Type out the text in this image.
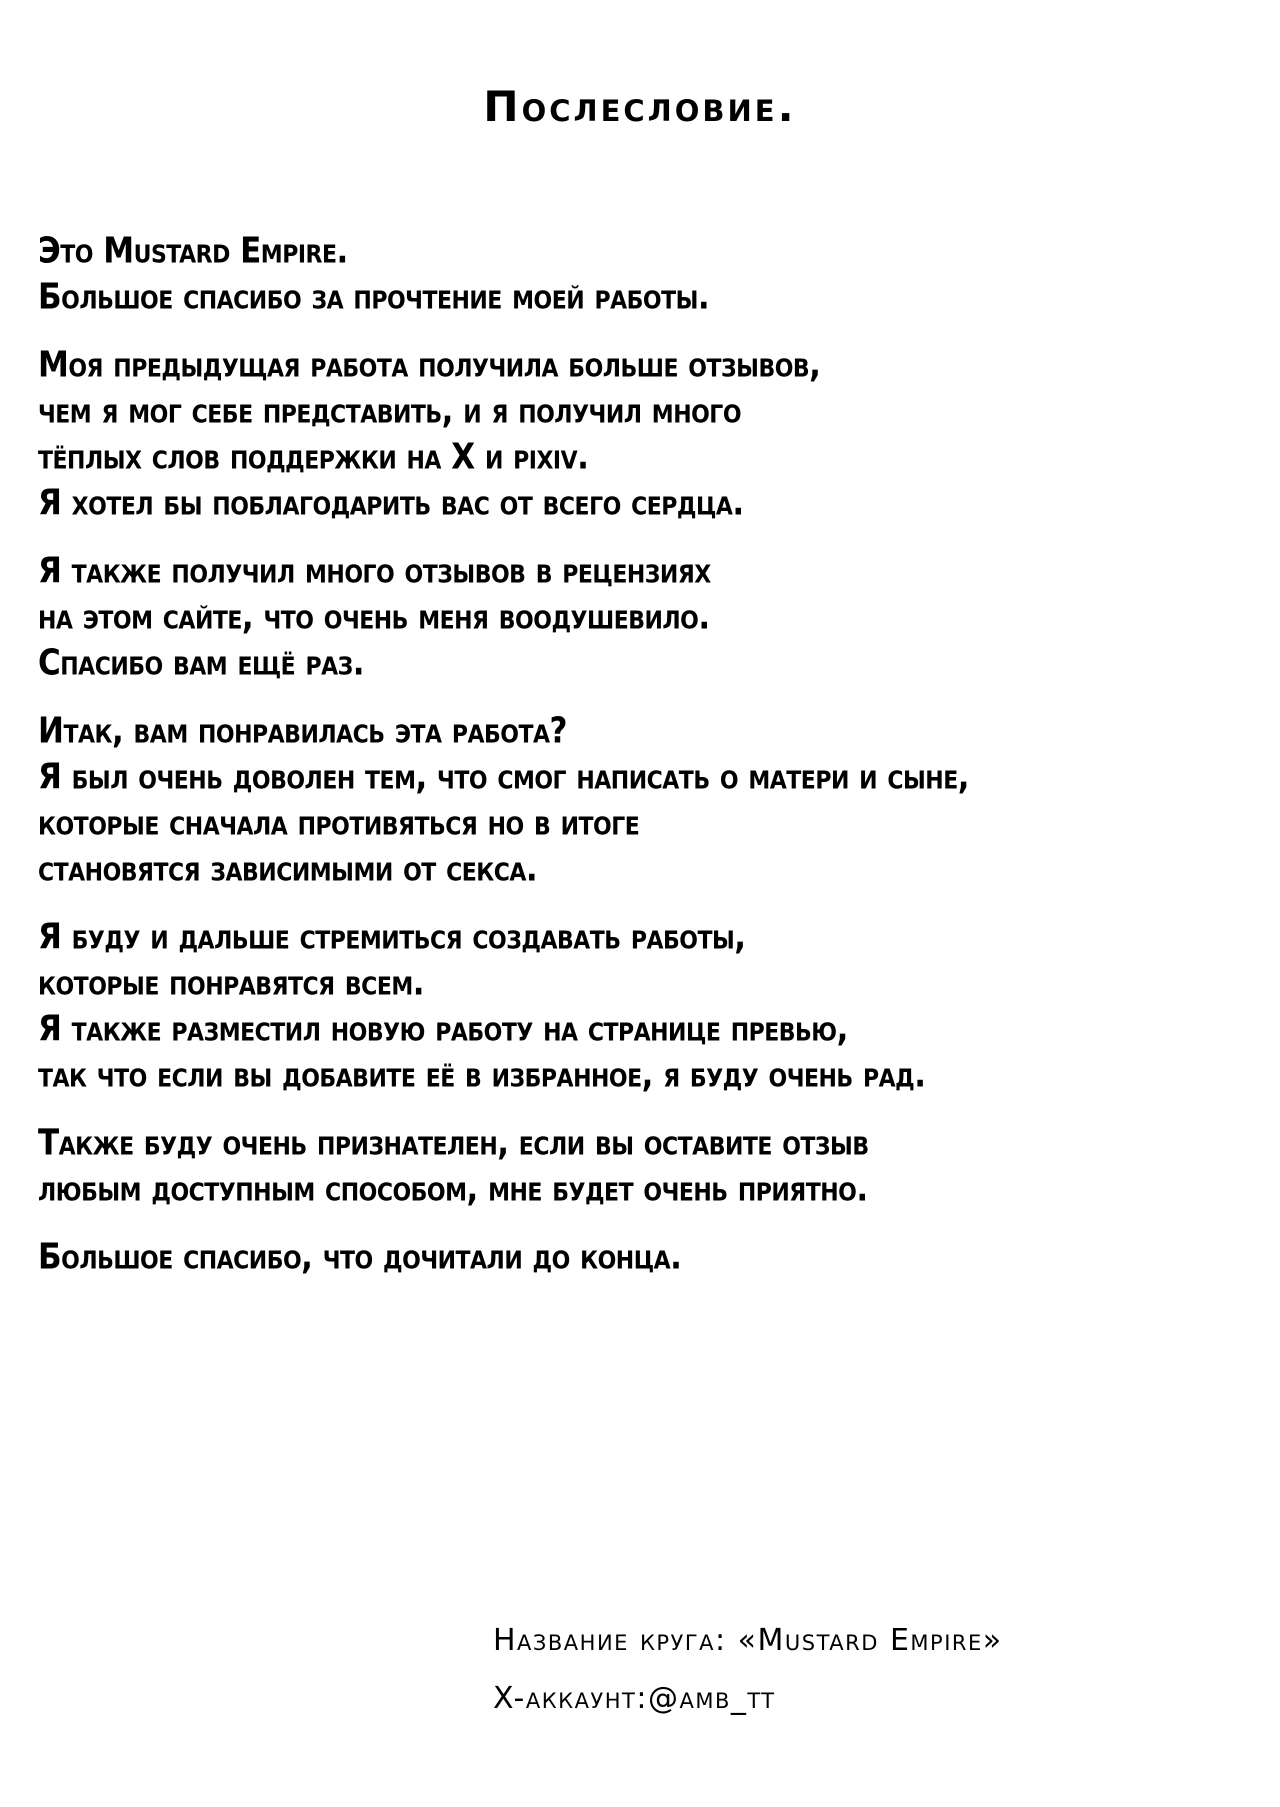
Послесловие.
Это Mustard Empire.
Большое спасибо за прочтение моей работы.
Моя предыдущая работа получила больше отзывов,
чем я мог себе представить, и я получил много
тёплых слов поддержки на X и pixiv.
Я хотел бы поблагодарить вас от всего сердца.
Я также получил много отзывов в рецензиях
на этом сайте, что очень меня воодушевило.
Спасибо вам ещё раз.
Итак, вам понравилась эта работа?
Я был очень доволен тем, что смог написать о матери и сыне,
которые сначала противяться но в итоге
становятся зависимыми от секса.
Я буду и дальше стремиться создавать работы,
которые понравятся всем.
Я также разместил новую работу на странице превью,
так что если вы добавите её в избранное, я буду очень рад.
Также буду очень признателен, если вы оставите отзыв
любым доступным способом, мне будет очень приятно.
Большое спасибо, что дочитали до конца.
Название круга: «Mustard Empire»
X-аккаунт:@amb_tt
